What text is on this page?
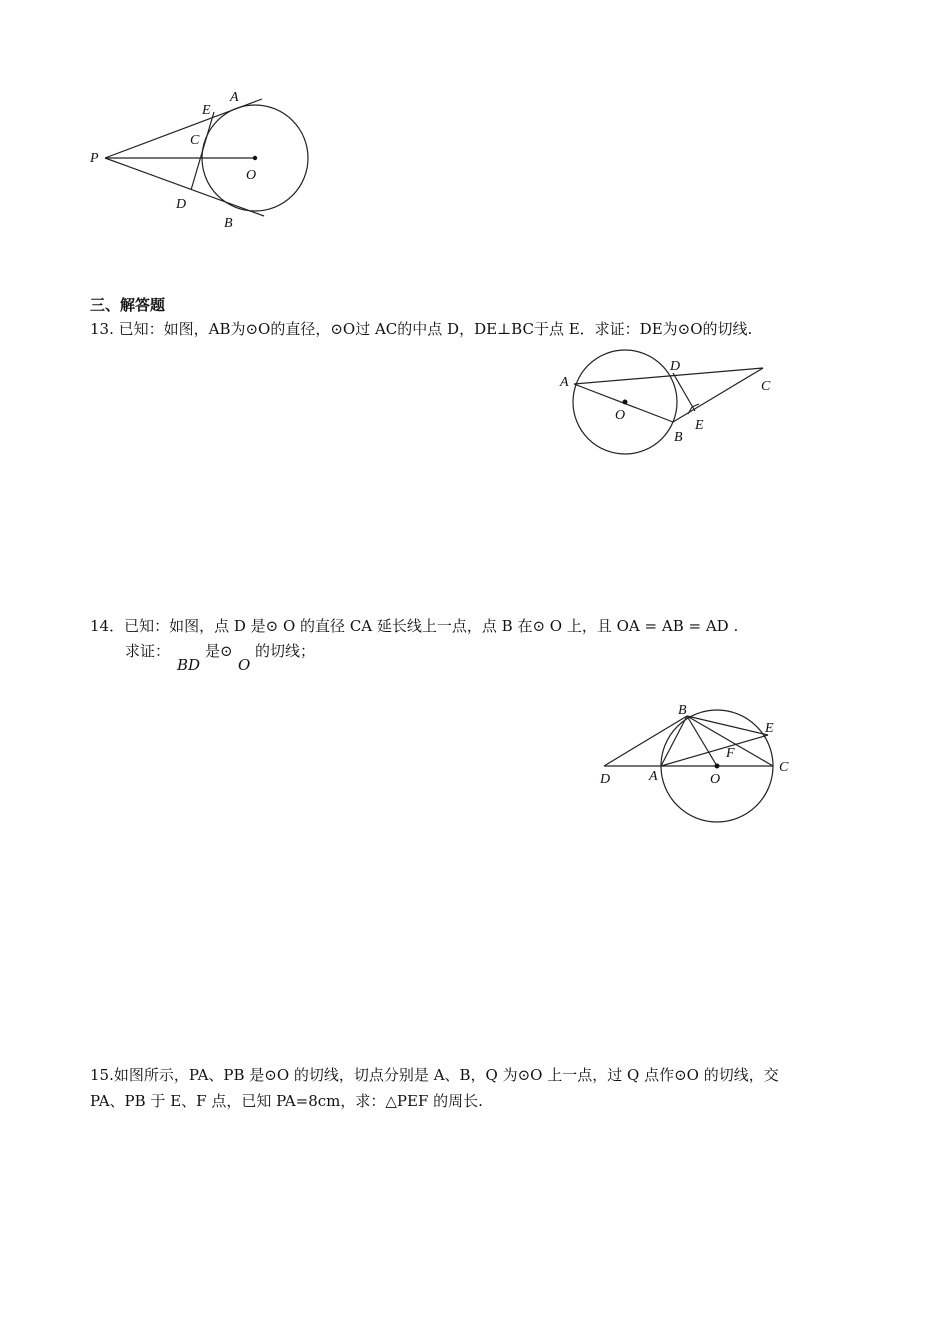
P
E
A
C
O
D
B
三、解答题
13. 已知：如图，AB为⊙O的直径，⊙O过 AC的中点 D，DE⊥BC于点 E．求证：DE为⊙O的切线.
A
D
C
O
B
E
14．已知：如图，点 D 是⊙ O 的直径 CA 延长线上一点，点 B 在⊙ O 上，且 OA = AB = AD .
求证：
BD
是⊙
O
的切线；
B
E
F
D	A	O
C
15.如图所示，PA、PB 是⊙O 的切线，切点分别是 A、B，Q 为⊙O 上一点，过 Q 点作⊙O 的切线，交
PA、PB 于 E、F 点，已知 PA=8cm，求：△PEF 的周长.
